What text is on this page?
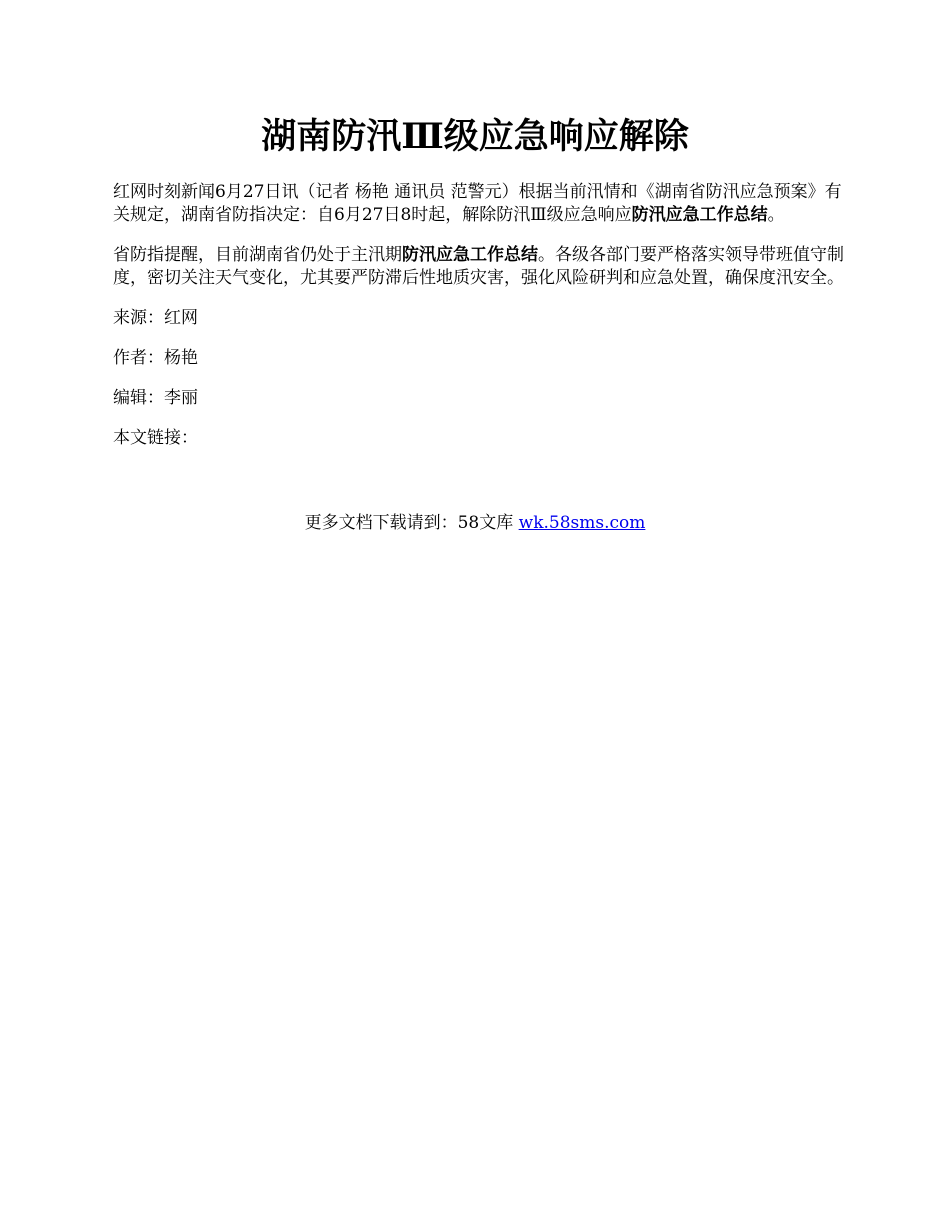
湖南防汛Ⅲ级应急响应解除

红网时刻新闻6月27日讯（记者 杨艳 通讯员 范警元）根据当前汛情和《湖南省防汛应急预案》有关规定，湖南省防指决定：自6月27日8时起，解除防汛Ⅲ级应急响应防汛应急工作总结。

省防指提醒，目前湖南省仍处于主汛期防汛应急工作总结。各级各部门要严格落实领导带班值守制度，密切关注天气变化，尤其要严防滞后性地质灾害，强化风险研判和应急处置，确保度汛安全。

来源：红网

作者：杨艳

编辑：李丽

本文链接：

更多文档下载请到：58文库 wk.58sms.com
